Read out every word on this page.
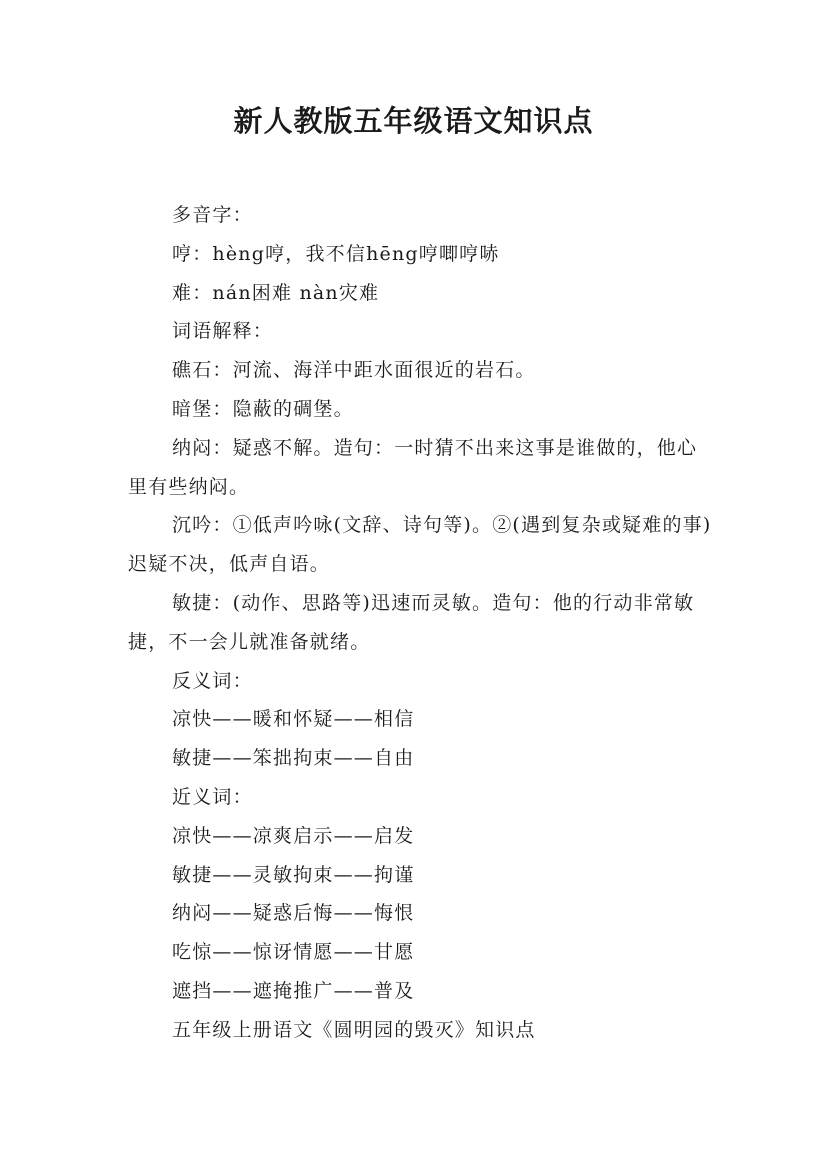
新人教版五年级语文知识点

多音字：

哼：hèng哼，我不信hēng哼唧哼哧

难：nán困难 nàn灾难

词语解释：

礁石：河流、海洋中距水面很近的岩石。

暗堡：隐蔽的碉堡。

纳闷：疑惑不解。造句：一时猜不出来这事是谁做的，他心里有些纳闷。

沉吟：①低声吟咏(文辞、诗句等)。②(遇到复杂或疑难的事)迟疑不决，低声自语。

敏捷：(动作、思路等)迅速而灵敏。造句：他的行动非常敏捷，不一会儿就准备就绪。

反义词：

凉快——暖和怀疑——相信

敏捷——笨拙拘束——自由

近义词：

凉快——凉爽启示——启发

敏捷——灵敏拘束——拘谨

纳闷——疑惑后悔——悔恨

吃惊——惊讶情愿——甘愿

遮挡——遮掩推广——普及

五年级上册语文《圆明园的毁灭》知识点
